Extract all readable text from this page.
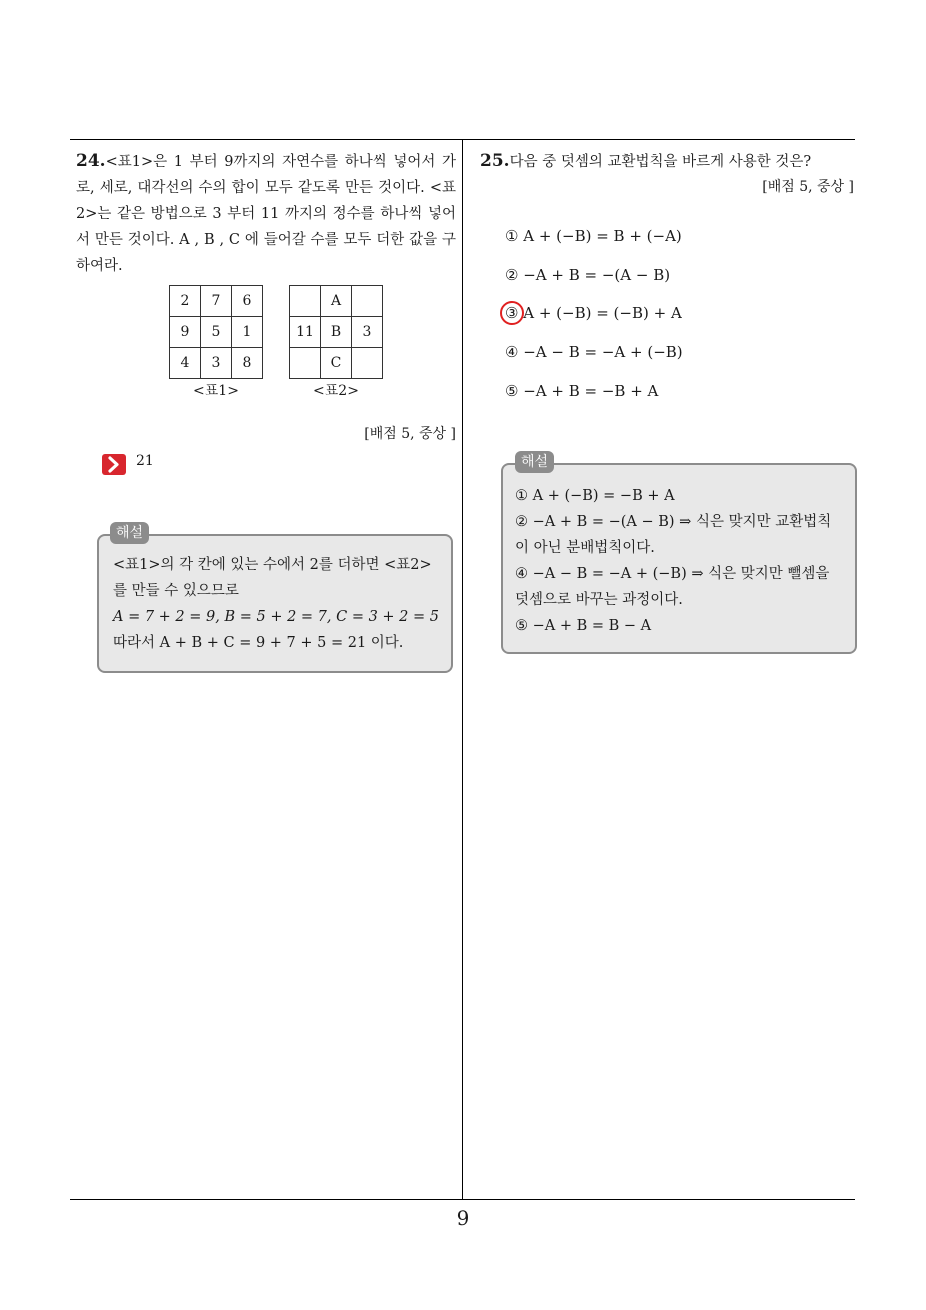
24.<표1>은 1 부터 9까지의 자연수를 하나씩 넣어서 가로, 세로, 대각선의 수의 합이 모두 같도록 만든 것이다. <표2>는 같은 방법으로 3 부터 11 까지의 정수를 하나씩 넣어서 만든 것이다. A , B , C 에 들어갈 수를 모두 더한 값을 구하여라.
2	7	6
9	5	1
4	3	8
<표1>
	A	
11	B	3
	C	
<표2>
[배점 5, 중상 ]
21
<표1>의 각 칸에 있는 수에서 2를 더하면 <표2>를 만들 수 있으므로
A = 7 + 2 = 9, B = 5 + 2 = 7, C = 3 + 2 = 5
따라서 A + B + C = 9 + 7 + 5 = 21 이다.
해설
25.다음 중 덧셈의 교환법칙을 바르게 사용한 것은?
[배점 5, 중상 ]
① A + (−B) = B + (−A)
② −A + B = −(A − B)
③ A + (−B) = (−B) + A
④ −A − B = −A + (−B)
⑤ −A + B = −B + A
① A + (−B) = −B + A
② −A + B = −(A − B) ⇒ 식은 맞지만 교환법칙이 아닌 분배법칙이다.
④ −A − B = −A + (−B) ⇒ 식은 맞지만 뺄셈을 덧셈으로 바꾸는 과정이다.
⑤ −A + B = B − A
해설
9
